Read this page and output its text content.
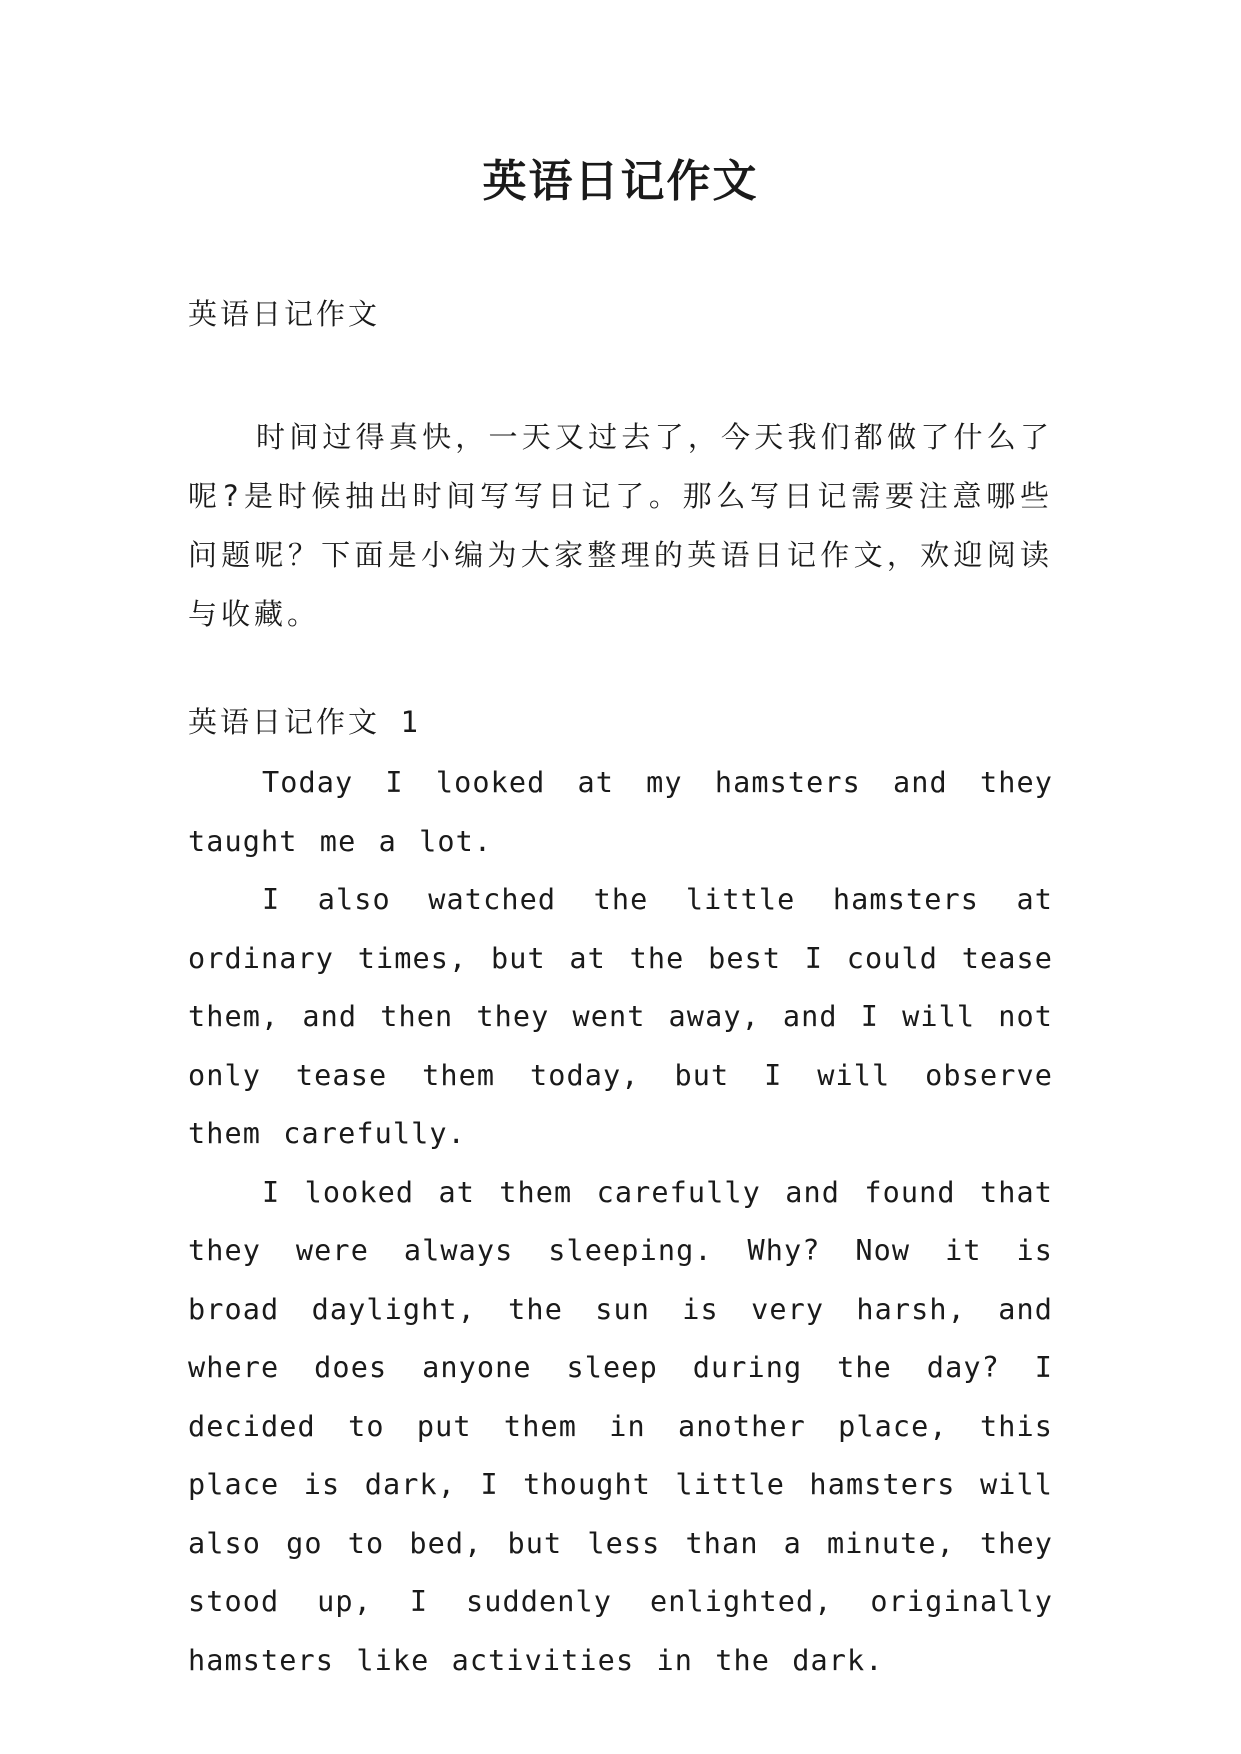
英语日记作文
英语日记作文
时间过得真快，一天又过去了，今天我们都做了什么了呢?是时候抽出时间写写日记了。那么写日记需要注意哪些问题呢？下面是小编为大家整理的英语日记作文，欢迎阅读与收藏。
英语日记作文 1

Today I looked at my hamsters and they taught me a lot.

I also watched the little hamsters at ordinary times, but at the best I could tease them, and then they went away, and I will not only tease them today, but I will observe them carefully.

I looked at them carefully and found that they were always sleeping. Why? Now it is broad daylight, the sun is very harsh, and where does anyone sleep during the day? I decided to put them in another place, this place is dark, I thought little hamsters will also go to bed, but less than a minute, they stood up, I suddenly enlighted, originally hamsters like activities in the dark.
